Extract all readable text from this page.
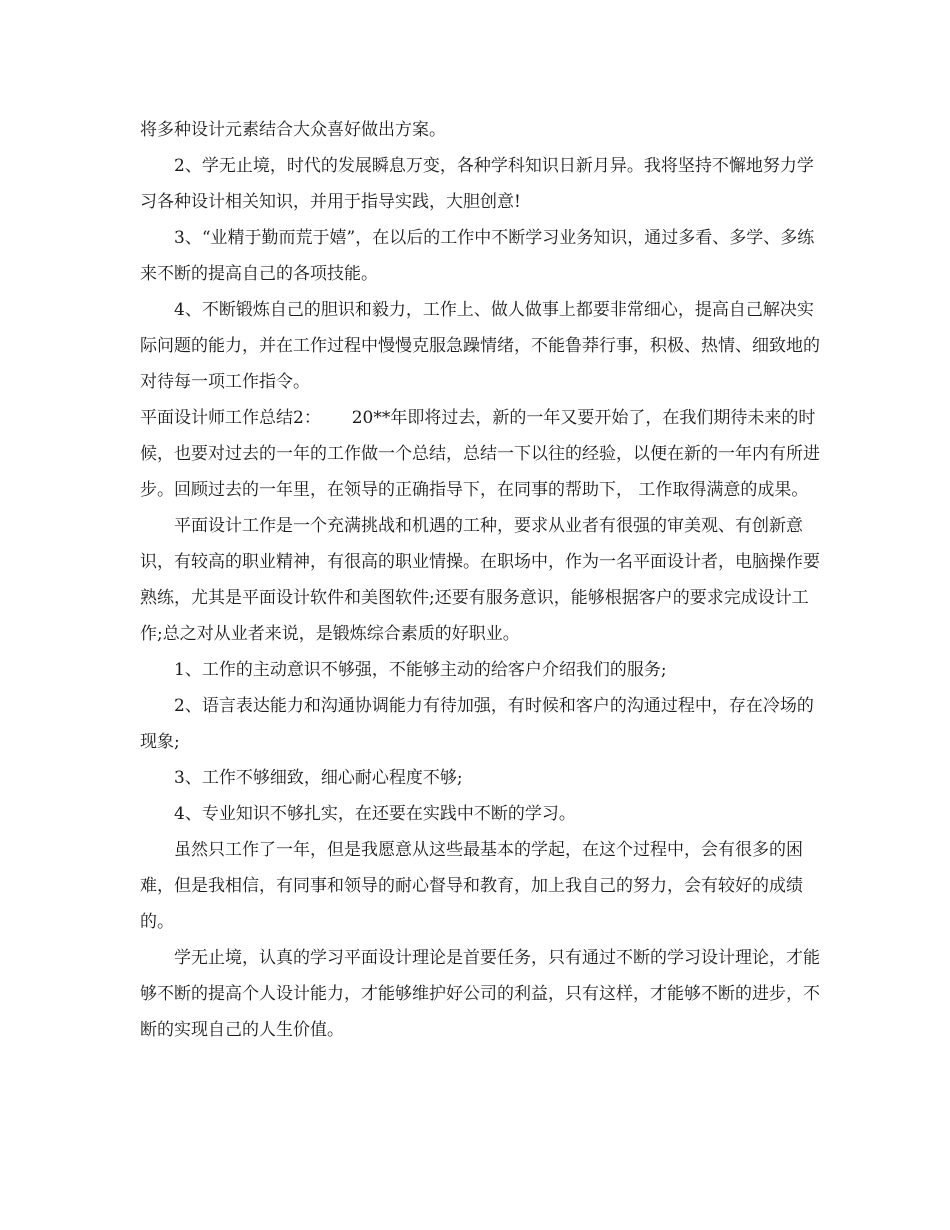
将多种设计元素结合大众喜好做出方案。

2、学无止境，时代的发展瞬息万变，各种学科知识日新月异。我将坚持不懈地努力学习各种设计相关知识，并用于指导实践，大胆创意!

3、“业精于勤而荒于嬉”，在以后的工作中不断学习业务知识，通过多看、多学、多练来不断的提高自己的各项技能。

4、不断锻炼自己的胆识和毅力，工作上、做人做事上都要非常细心，提高自己解决实际问题的能力，并在工作过程中慢慢克服急躁情绪，不能鲁莽行事，积极、热情、细致地的对待每一项工作指令。

平面设计师工作总结2：　　 20**年即将过去，新的一年又要开始了，在我们期待未来的时候，也要对过去的一年的工作做一个总结，总结一下以往的经验，以便在新的一年内有所进步。回顾过去的一年里，在领导的正确指导下，在同事的帮助下， 工作取得满意的成果。

平面设计工作是一个充满挑战和机遇的工种，要求从业者有很强的审美观、有创新意识，有较高的职业精神，有很高的职业情操。在职场中，作为一名平面设计者，电脑操作要熟练，尤其是平面设计软件和美图软件;还要有服务意识，能够根据客户的要求完成设计工作;总之对从业者来说，是锻炼综合素质的好职业。

1、工作的主动意识不够强，不能够主动的给客户介绍我们的服务;

2、语言表达能力和沟通协调能力有待加强，有时候和客户的沟通过程中，存在冷场的现象;

3、工作不够细致，细心耐心程度不够;

4、专业知识不够扎实，在还要在实践中不断的学习。

虽然只工作了一年，但是我愿意从这些最基本的学起，在这个过程中，会有很多的困难，但是我相信，有同事和领导的耐心督导和教育，加上我自己的努力，会有较好的成绩的。

学无止境，认真的学习平面设计理论是首要任务，只有通过不断的学习设计理论，才能够不断的提高个人设计能力，才能够维护好公司的利益，只有这样，才能够不断的进步，不断的实现自己的人生价值。
